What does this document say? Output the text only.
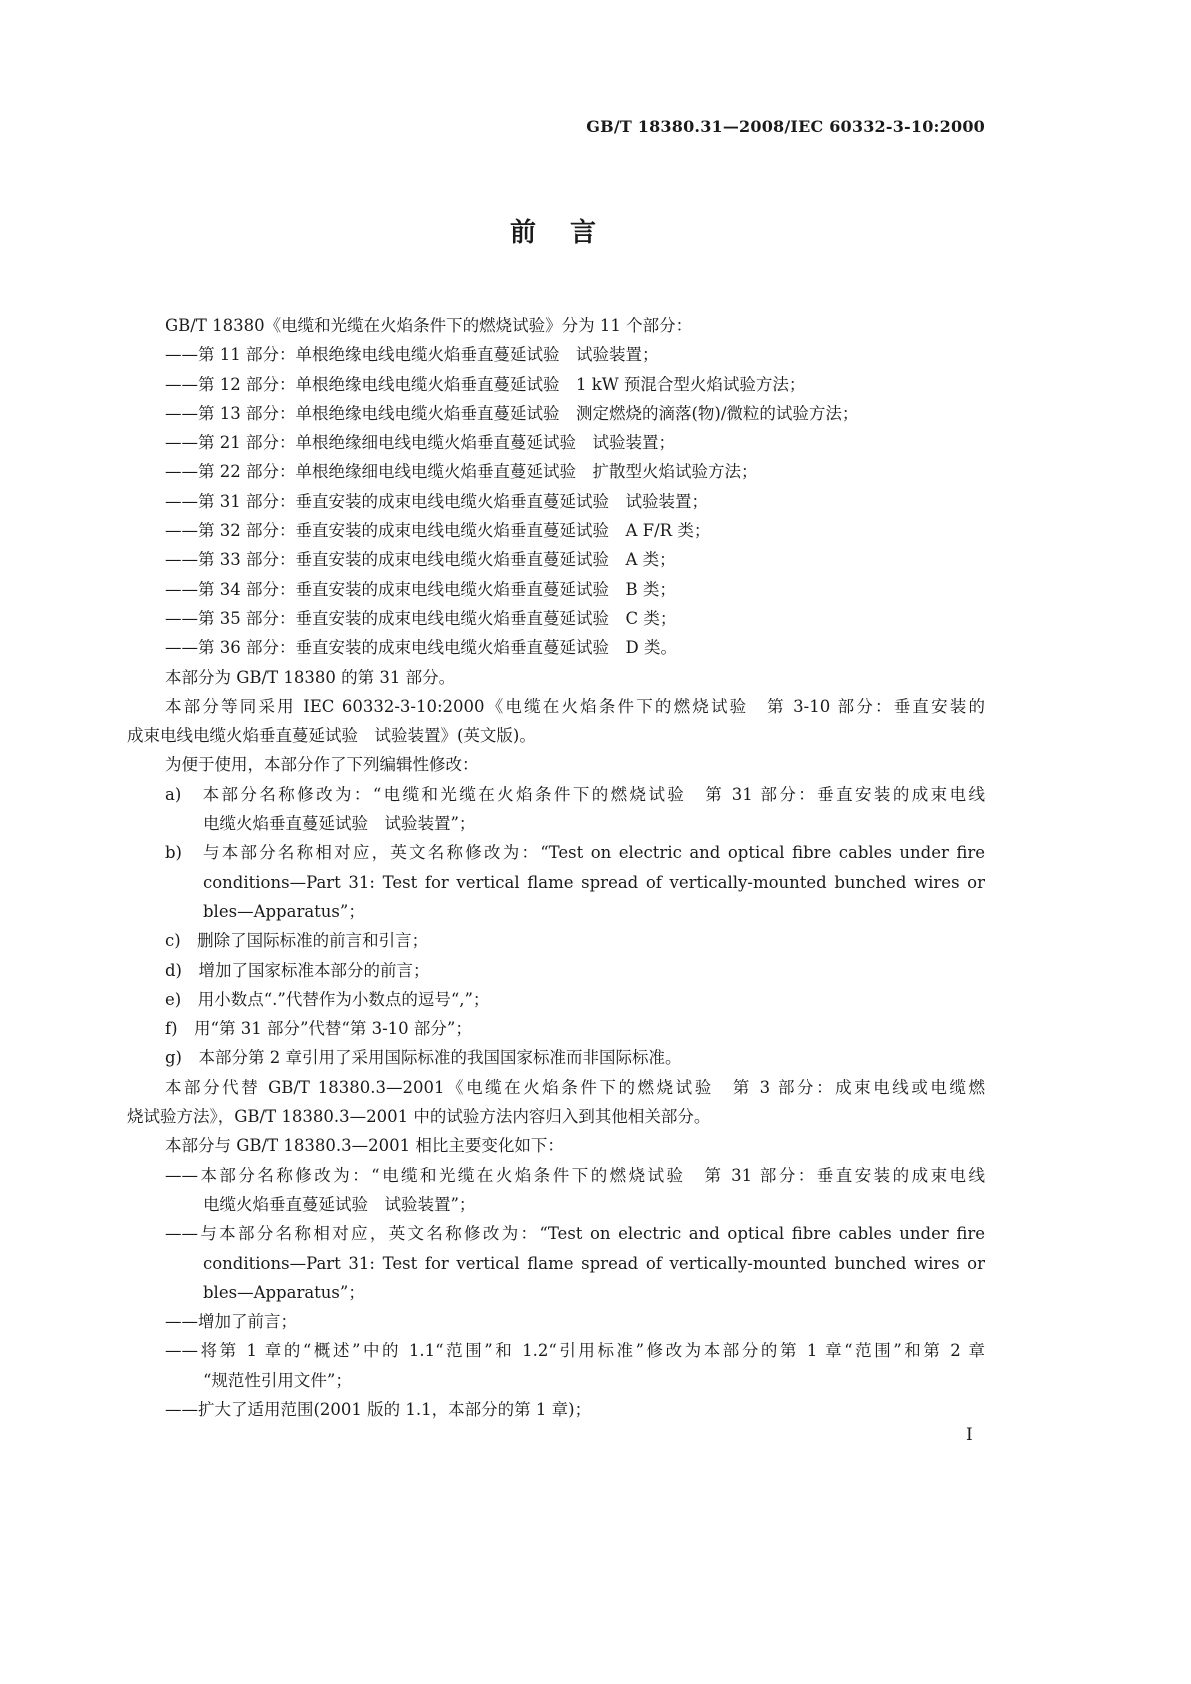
GB/T 18380.31—2008/IEC 60332-3-10:2000
前 言
GB/T 18380《电缆和光缆在火焰条件下的燃烧试验》分为 11 个部分：
——第 11 部分：单根绝缘电线电缆火焰垂直蔓延试验　试验装置；
——第 12 部分：单根绝缘电线电缆火焰垂直蔓延试验　1 kW 预混合型火焰试验方法；
——第 13 部分：单根绝缘电线电缆火焰垂直蔓延试验　测定燃烧的滴落(物)/微粒的试验方法；
——第 21 部分：单根绝缘细电线电缆火焰垂直蔓延试验　试验装置；
——第 22 部分：单根绝缘细电线电缆火焰垂直蔓延试验　扩散型火焰试验方法；
——第 31 部分：垂直安装的成束电线电缆火焰垂直蔓延试验　试验装置；
——第 32 部分：垂直安装的成束电线电缆火焰垂直蔓延试验　A F/R 类；
——第 33 部分：垂直安装的成束电线电缆火焰垂直蔓延试验　A 类；
——第 34 部分：垂直安装的成束电线电缆火焰垂直蔓延试验　B 类；
——第 35 部分：垂直安装的成束电线电缆火焰垂直蔓延试验　C 类；
——第 36 部分：垂直安装的成束电线电缆火焰垂直蔓延试验　D 类。
本部分为 GB/T 18380 的第 31 部分。
本部分等同采用 IEC 60332-3-10:2000《电缆在火焰条件下的燃烧试验　第 3-10 部分：垂直安装的
成束电线电缆火焰垂直蔓延试验　试验装置》(英文版)。
为便于使用，本部分作了下列编辑性修改：
a)　本部分名称修改为：“电缆和光缆在火焰条件下的燃烧试验　第 31 部分：垂直安装的成束电线
电缆火焰垂直蔓延试验　试验装置”；
b)　与本部分名称相对应，英文名称修改为：“Test on electric and optical fibre cables under fire
conditions—Part 31: Test for vertical flame spread of vertically-mounted bunched wires or
bles—Apparatus”；
c)　删除了国际标准的前言和引言；
d)　增加了国家标准本部分的前言；
e)　用小数点“.”代替作为小数点的逗号“,”；
f)　用“第 31 部分”代替“第 3-10 部分”；
g)　本部分第 2 章引用了采用国际标准的我国国家标准而非国际标准。
本部分代替 GB/T 18380.3—2001《电缆在火焰条件下的燃烧试验　第 3 部分：成束电线或电缆燃
烧试验方法》，GB/T 18380.3—2001 中的试验方法内容归入到其他相关部分。
本部分与 GB/T 18380.3—2001 相比主要变化如下：
——本部分名称修改为：“电缆和光缆在火焰条件下的燃烧试验　第 31 部分：垂直安装的成束电线
电缆火焰垂直蔓延试验　试验装置”；
——与本部分名称相对应，英文名称修改为：“Test on electric and optical fibre cables under fire
conditions—Part 31: Test for vertical flame spread of vertically-mounted bunched wires or
bles—Apparatus”；
——增加了前言；
——将第 1 章的“概述”中的 1.1“范围”和 1.2“引用标准”修改为本部分的第 1 章“范围”和第 2 章
“规范性引用文件”；
——扩大了适用范围(2001 版的 1.1，本部分的第 1 章)；
I
